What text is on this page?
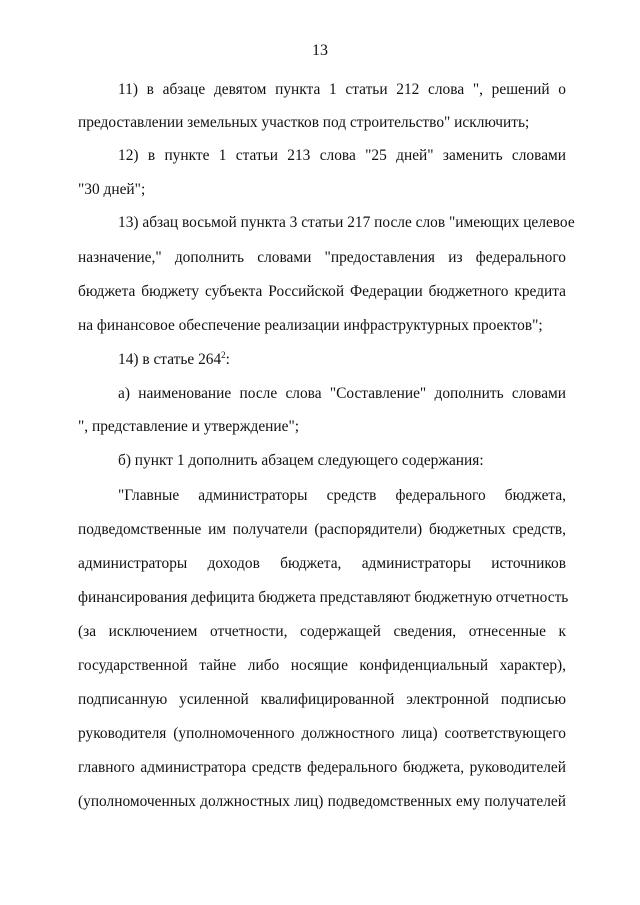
13
11) в абзаце девятом пункта 1 статьи 212 слова ", решений о
предоставлении земельных участков под строительство" исключить;
12) в пункте 1 статьи 213 слова "25 дней" заменить словами
"30 дней";
13) абзац восьмой пункта 3 статьи 217 после слов "имеющих целевое
назначение," дополнить словами "предоставления из федерального
бюджета бюджету субъекта Российской Федерации бюджетного кредита
на финансовое обеспечение реализации инфраструктурных проектов";
14) в статье $264^2$:
а) наименование после слова "Составление" дополнить словами
", представление и утверждение";
б) пункт 1 дополнить абзацем следующего содержания:
"Главные администраторы средств федерального бюджета,
подведомственные им получатели (распорядители) бюджетных средств,
администраторы доходов бюджета, администраторы источников
финансирования дефицита бюджета представляют бюджетную отчетность
(за исключением отчетности, содержащей сведения, отнесенные к
государственной тайне либо носящие конфиденциальный характер),
подписанную усиленной квалифицированной электронной подписью
руководителя (уполномоченного должностного лица) соответствующего
главного администратора средств федерального бюджета, руководителей
(уполномоченных должностных лиц) подведомственных ему получателей
